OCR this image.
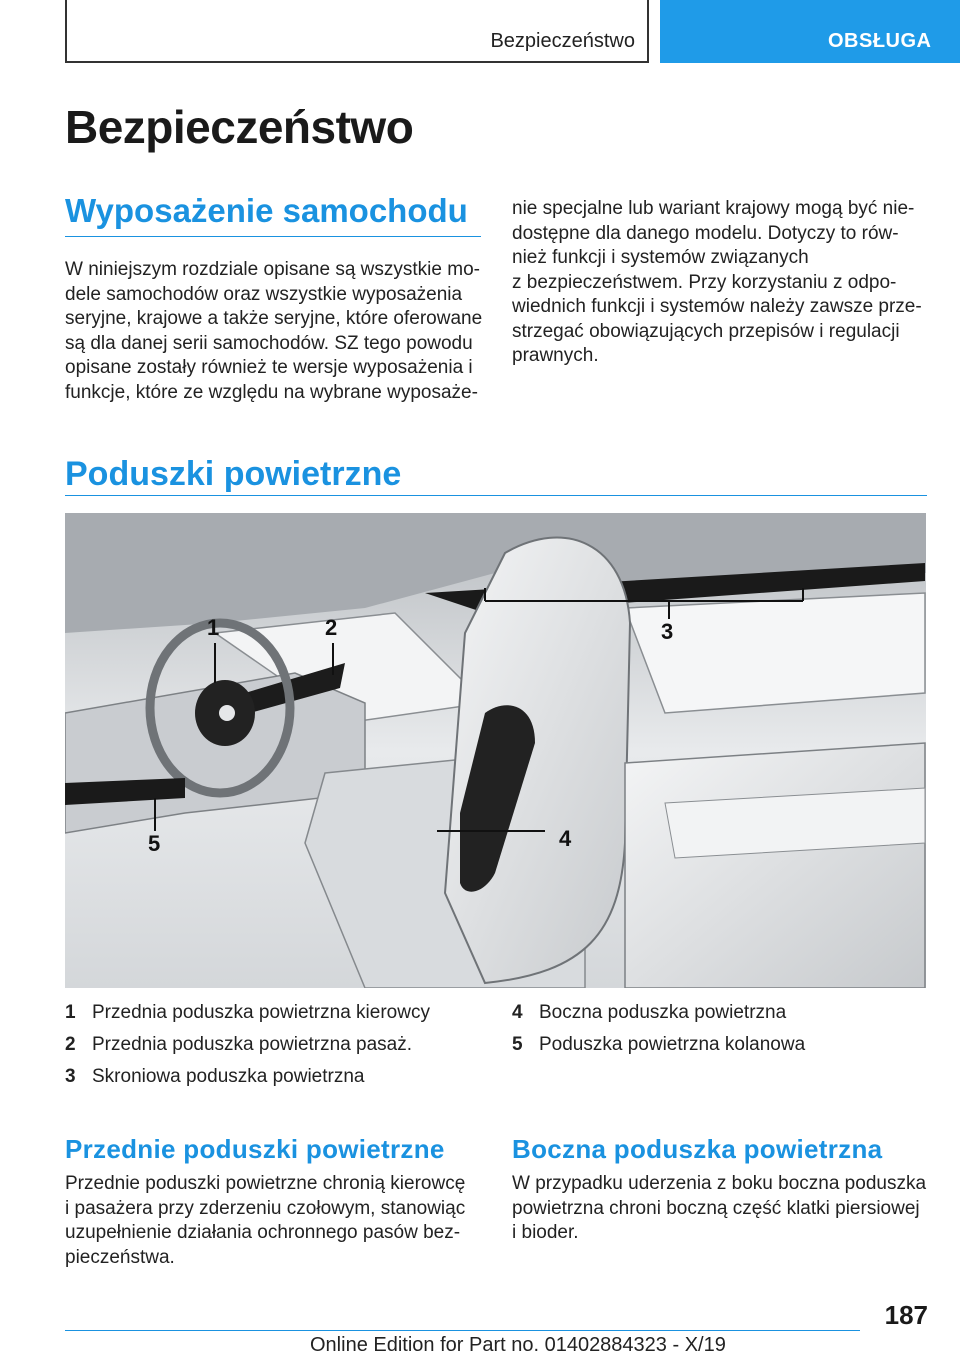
Bezpieczeństwo	OBSŁUGA
Bezpieczeństwo
Wyposażenie samochodu
W niniejszym rozdziale opisane są wszystkie mo-
dele samochodów oraz wszystkie wyposażenia
seryjne, krajowe a także seryjne, które oferowane
są dla danej serii samochodów. SZ tego powodu
opisane zostały również te wersje wyposażenia i
funkcje, które ze względu na wybrane wyposaże-
nie specjalne lub wariant krajowy mogą być nie-
dostępne dla danego modelu. Dotyczy to rów-
nież funkcji i systemów związanych
z bezpieczeństwem. Przy korzystaniu z odpo-
wiednich funkcji i systemów należy zawsze prze-
strzegać obowiązujących przepisów i regulacji
prawnych.
Poduszki powietrzne
1	2	3
4
5
1 Przednia poduszka powietrzna kierowcy
2 Przednia poduszka powietrzna pasaż.
3 Skroniowa poduszka powietrzna
4 Boczna poduszka powietrzna
5 Poduszka powietrzna kolanowa
Przednie poduszki powietrzne
Przednie poduszki powietrzne chronią kierowcę
i pasażera przy zderzeniu czołowym, stanowiąc
uzupełnienie działania ochronnego pasów bez-
pieczeństwa.
Boczna poduszka powietrzna
W przypadku uderzenia z boku boczna poduszka
powietrzna chroni boczną część klatki piersiowej
i bioder.
187
Online Edition for Part no. 01402884323 - X/19
